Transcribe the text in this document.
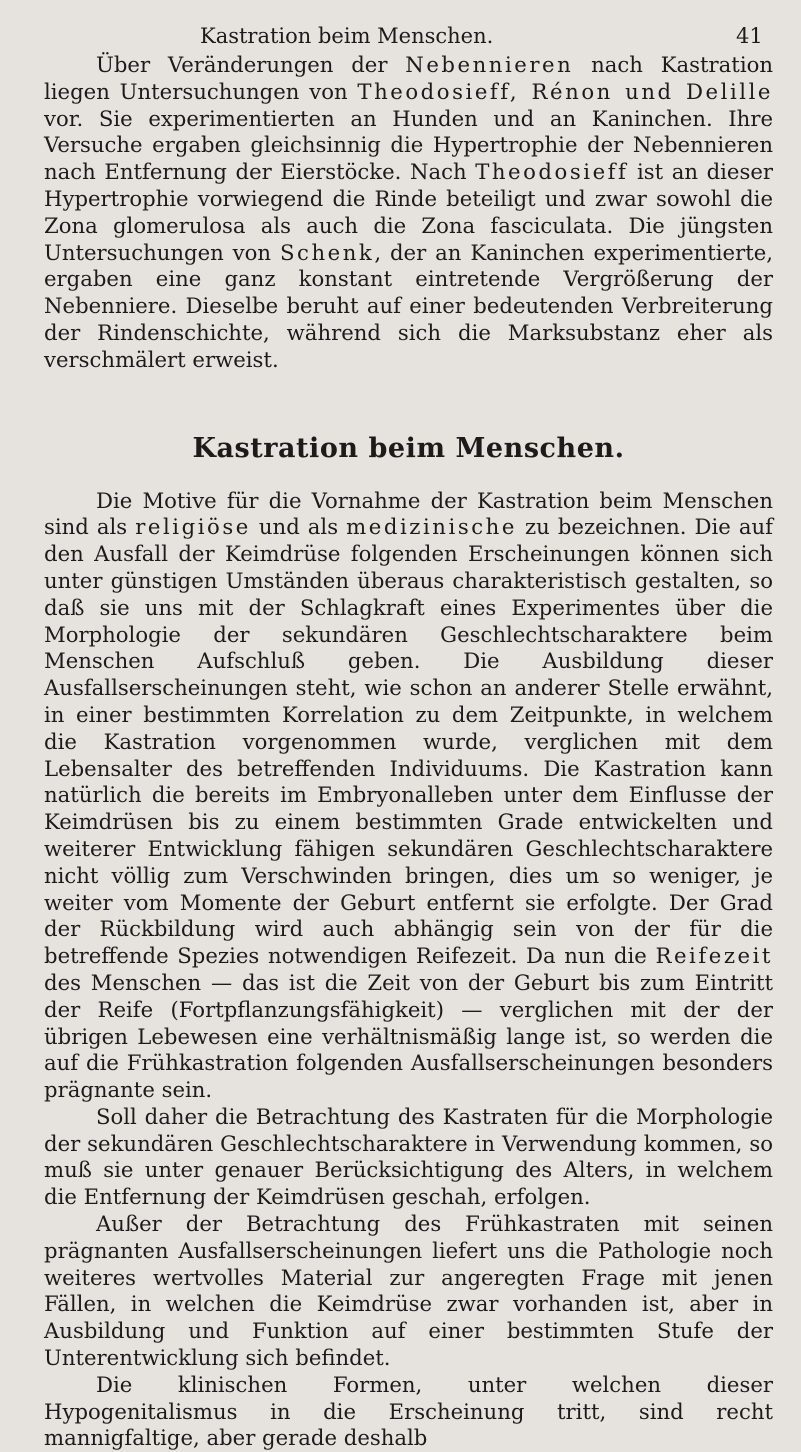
Kastration beim Menschen.	41

Über Veränderungen der Nebennieren nach Kastration liegen Untersuchungen von Theodosieff, Rénon und Delille vor. Sie experimentierten an Hunden und an Kaninchen. Ihre Versuche ergaben gleichsinnig die Hypertrophie der Nebennieren nach Entfernung der Eierstöcke. Nach Theodosieff ist an dieser Hypertrophie vorwiegend die Rinde beteiligt und zwar sowohl die Zona glomerulosa als auch die Zona fasciculata. Die jüngsten Untersuchungen von Schenk, der an Kaninchen experimentierte, ergaben eine ganz konstant eintretende Vergrößerung der Nebenniere. Dieselbe beruht auf einer bedeutenden Verbreiterung der Rindenschichte, während sich die Marksubstanz eher als verschmälert erweist.

Kastration beim Menschen.

Die Motive für die Vornahme der Kastration beim Menschen sind als religiöse und als medizinische zu bezeichnen. Die auf den Ausfall der Keimdrüse folgenden Erscheinungen können sich unter günstigen Umständen überaus charakteristisch gestalten, so daß sie uns mit der Schlagkraft eines Experimentes über die Morphologie der sekundären Geschlechtscharaktere beim Menschen Aufschluß geben. Die Ausbildung dieser Ausfallserscheinungen steht, wie schon an anderer Stelle erwähnt, in einer bestimmten Korrelation zu dem Zeitpunkte, in welchem die Kastration vorgenommen wurde, verglichen mit dem Lebensalter des betreffenden Individuums. Die Kastration kann natürlich die bereits im Embryonalleben unter dem Einflusse der Keimdrüsen bis zu einem bestimmten Grade entwickelten und weiterer Entwicklung fähigen sekundären Geschlechtscharaktere nicht völlig zum Verschwinden bringen, dies um so weniger, je weiter vom Momente der Geburt entfernt sie erfolgte. Der Grad der Rückbildung wird auch abhängig sein von der für die betreffende Spezies notwendigen Reifezeit. Da nun die Reifezeit des Menschen — das ist die Zeit von der Geburt bis zum Eintritt der Reife (Fortpflanzungsfähigkeit) — verglichen mit der der übrigen Lebewesen eine verhältnismäßig lange ist, so werden die auf die Frühkastration folgenden Ausfallserscheinungen besonders prägnante sein.

Soll daher die Betrachtung des Kastraten für die Morphologie der sekundären Geschlechtscharaktere in Verwendung kommen, so muß sie unter genauer Berücksichtigung des Alters, in welchem die Entfernung der Keimdrüsen geschah, erfolgen.

Außer der Betrachtung des Frühkastraten mit seinen prägnanten Ausfallserscheinungen liefert uns die Pathologie noch weiteres wertvolles Material zur angeregten Frage mit jenen Fällen, in welchen die Keimdrüse zwar vorhanden ist, aber in Ausbildung und Funktion auf einer bestimmten Stufe der Unterentwicklung sich befindet.

Die klinischen Formen, unter welchen dieser Hypogenitalismus in die Erscheinung tritt, sind recht mannigfaltige, aber gerade deshalb
